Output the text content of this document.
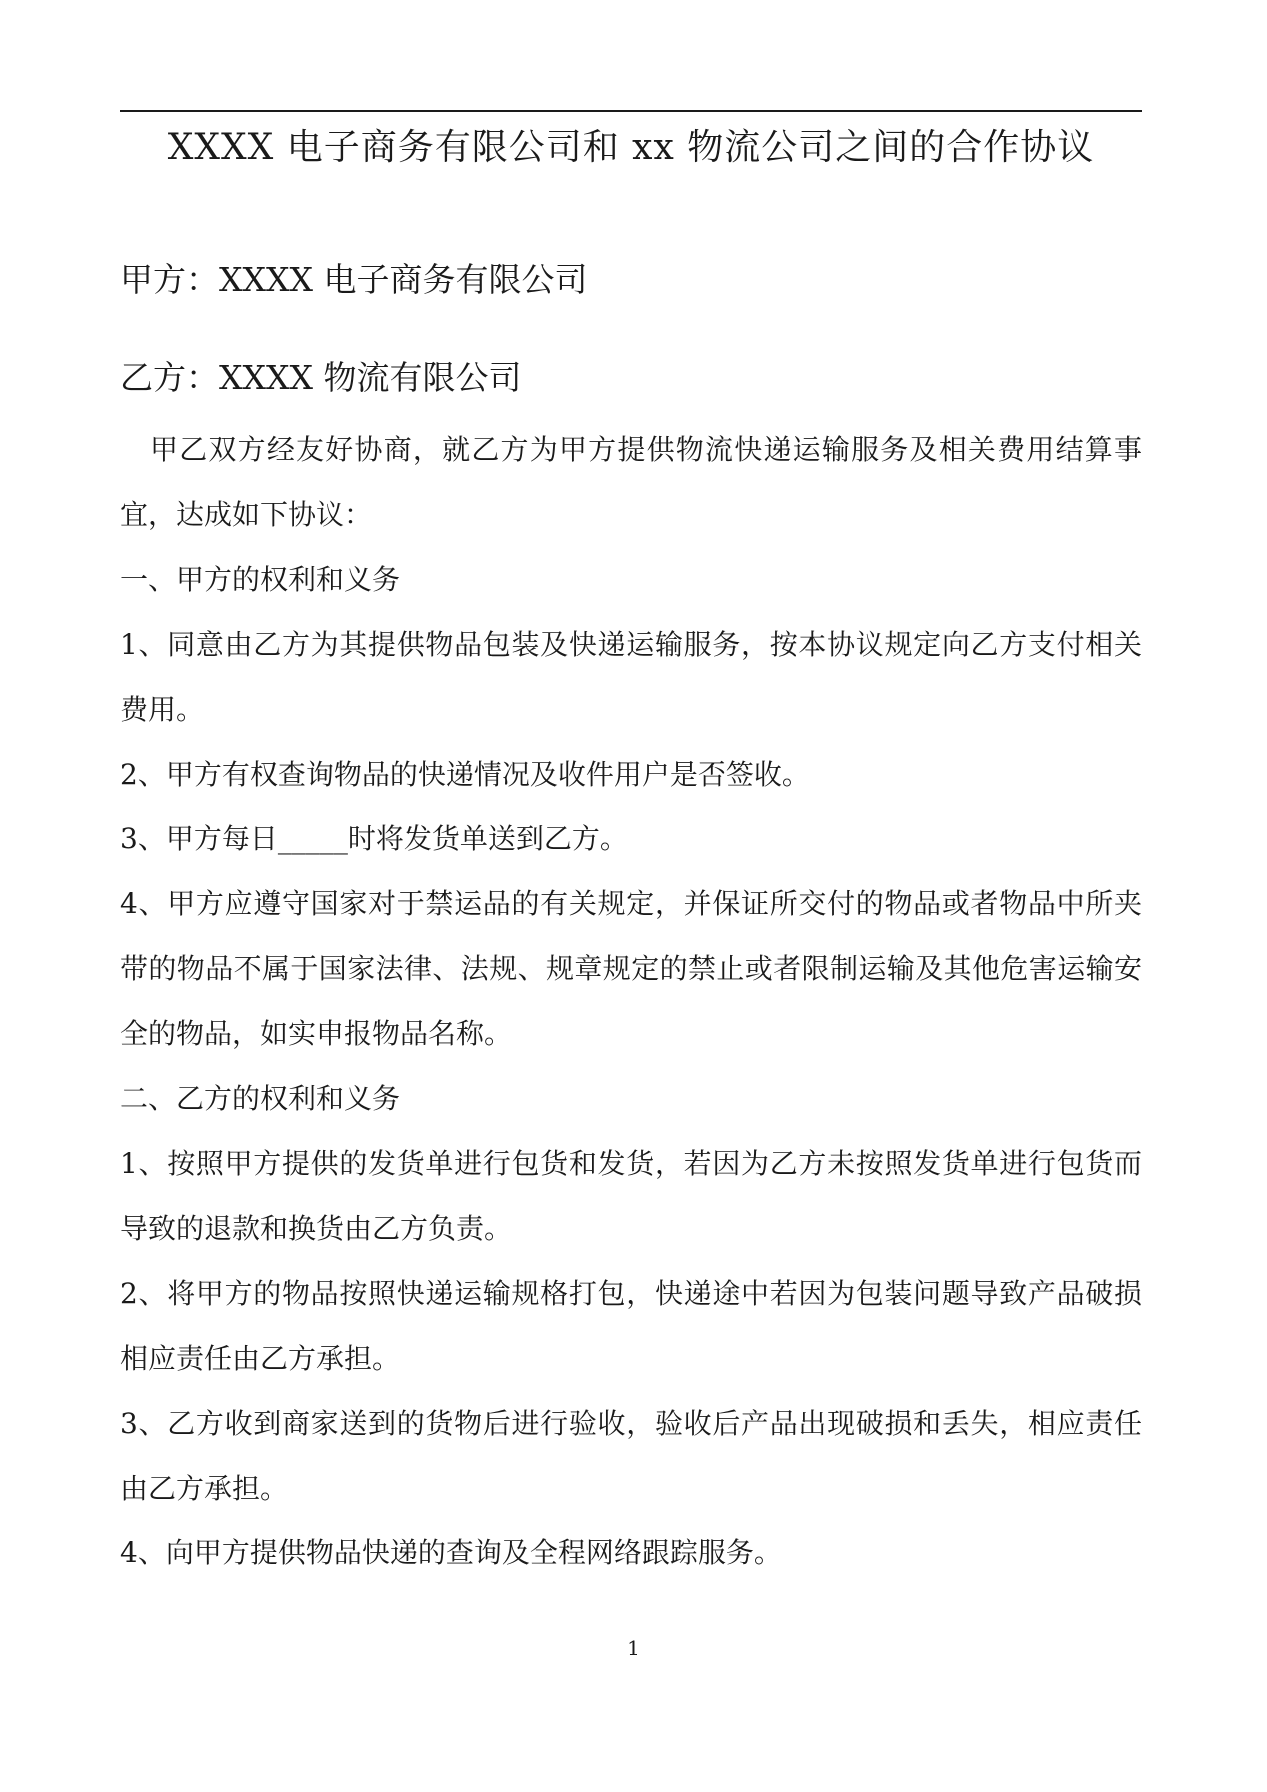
XXXX 电子商务有限公司和 xx 物流公司之间的合作协议
甲方：XXXX 电子商务有限公司
乙方：XXXX 物流有限公司

甲乙双方经友好协商，就乙方为甲方提供物流快递运输服务及相关费用结算事宜，达成如下协议：

一、甲方的权利和义务

1、同意由乙方为其提供物品包装及快递运输服务，按本协议规定向乙方支付相关费用。

2、甲方有权查询物品的快递情况及收件用户是否签收。

3、甲方每日_____时将发货单送到乙方。

4、甲方应遵守国家对于禁运品的有关规定，并保证所交付的物品或者物品中所夹带的物品不属于国家法律、法规、规章规定的禁止或者限制运输及其他危害运输安全的物品，如实申报物品名称。

二、乙方的权利和义务

1、按照甲方提供的发货单进行包货和发货，若因为乙方未按照发货单进行包货而导致的退款和换货由乙方负责。

2、将甲方的物品按照快递运输规格打包，快递途中若因为包装问题导致产品破损相应责任由乙方承担。

3、乙方收到商家送到的货物后进行验收，验收后产品出现破损和丢失，相应责任由乙方承担。

4、向甲方提供物品快递的查询及全程网络跟踪服务。

1
